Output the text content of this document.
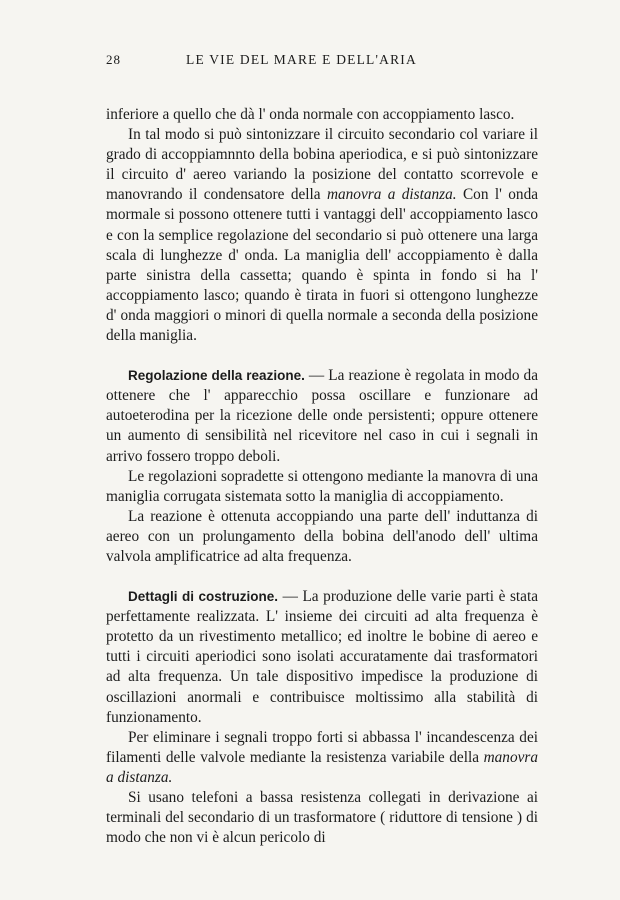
28	LE VIE DEL MARE E DELL'ARIA

inferiore a quello che dà l' onda normale con accoppiamento lasco.

In tal modo si può sintonizzare il circuito secondario col variare il grado di accoppiamnnto della bobina aperiodica, e si può sintonizzare il circuito d' aereo variando la posizione del contatto scorrevole e manovrando il condensatore della manovra a distanza. Con l' onda mormale si possono ottenere tutti i vantaggi dell' accoppiamento lasco e con la semplice regolazione del secondario si può ottenere una larga scala di lunghezze d' onda. La maniglia dell' accoppiamento è dalla parte sinistra della cassetta; quando è spinta in fondo si ha l' accoppiamento lasco; quando è tirata in fuori si ottengono lunghezze d' onda maggiori o minori di quella normale a seconda della posizione della maniglia.

Regolazione della reazione. — La reazione è regolata in modo da ottenere che l' apparecchio possa oscillare e funzionare ad autoeterodina per la ricezione delle onde persistenti; oppure ottenere un aumento di sensibilità nel ricevitore nel caso in cui i segnali in arrivo fossero troppo deboli.

Le regolazioni sopradette si ottengono mediante la manovra di una maniglia corrugata sistemata sotto la maniglia di accoppiamento.

La reazione è ottenuta accoppiando una parte dell' induttanza di aereo con un prolungamento della bobina dell'anodo dell' ultima valvola amplificatrice ad alta frequenza.

Dettagli di costruzione. — La produzione delle varie parti è stata perfettamente realizzata. L' insieme dei circuiti ad alta frequenza è protetto da un rivestimento metallico; ed inoltre le bobine di aereo e tutti i circuiti aperiodici sono isolati accuratamente dai trasformatori ad alta frequenza. Un tale dispositivo impedisce la produzione di oscillazioni anormali e contribuisce moltissimo alla stabilità di funzionamento.

Per eliminare i segnali troppo forti si abbassa l' incandescenza dei filamenti delle valvole mediante la resistenza variabile della manovra a distanza.

Si usano telefoni a bassa resistenza collegati in derivazione ai terminali del secondario di un trasformatore ( riduttore di tensione ) di modo che non vi è alcun pericolo di
